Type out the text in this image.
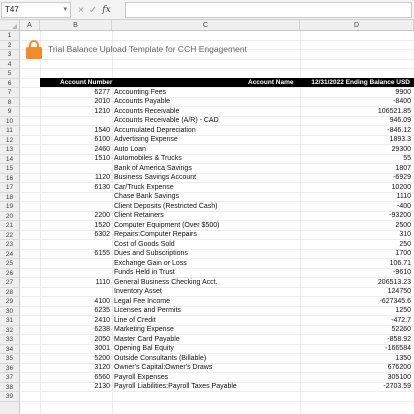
T47	▾ × ✓ fx
A	B	C	D
1
2
3
4
5
6
7
8
9
10
11
12
13
14
15
16
17
18
19
20
21
22
23
24
25
26
27
28
29
30
31
32
33
34
35
36
37
38
39
Trial Balance Upload Template for CCH Engagement
Account Number	Account Name	12/31/2022 Ending Balance USD
6277 Accounting Fees	9900
2010 Accounts Payable	-8400
1210 Accounts Receivable	106521.85
Accounts Receivable (A/R) - CAD	946.09
1540 Accumulated Depreciation	-846.12
6100 Advertising Expense	1893.3
2460 Auto Loan	29300
1510 Automobiles & Trucks	55
Bank of America Savings	1807
1120 Business Savings Account	-6929
6130 Car/Truck Expense	10200
Chase Bank Savings	1110
Client Deposits (Restricted Cash)	-400
2200 Client Retainers	-93200
1520 Computer Equipment (Over $500)	2500
6302 Repairs:Computer Repairs	310
Cost of Goods Sold	250
6155 Dues and Subscriptions	1700
Exchange Gain or Loss	106.71
Funds Held in Trust	-9610
1110 General Business Checking Acct.	206513.23
Inventory Asset	124750
4100 Legal Fee Income	-627345.6
6235 Licenses and Permits	1250
2410 Line of Credit	-472.7
6238 Marketing Expense	52260
2050 Master Card Payable	-858.92
3001 Opening Bal Equity	-166584
5200 Outside Consultants (Billable)	1350
3120 Owner's Capital:Owner's Draws	676200
6560 Payroll Expenses	305100
2130 Payroll Liabilities:Payroll Taxes Payable	-2703.59
